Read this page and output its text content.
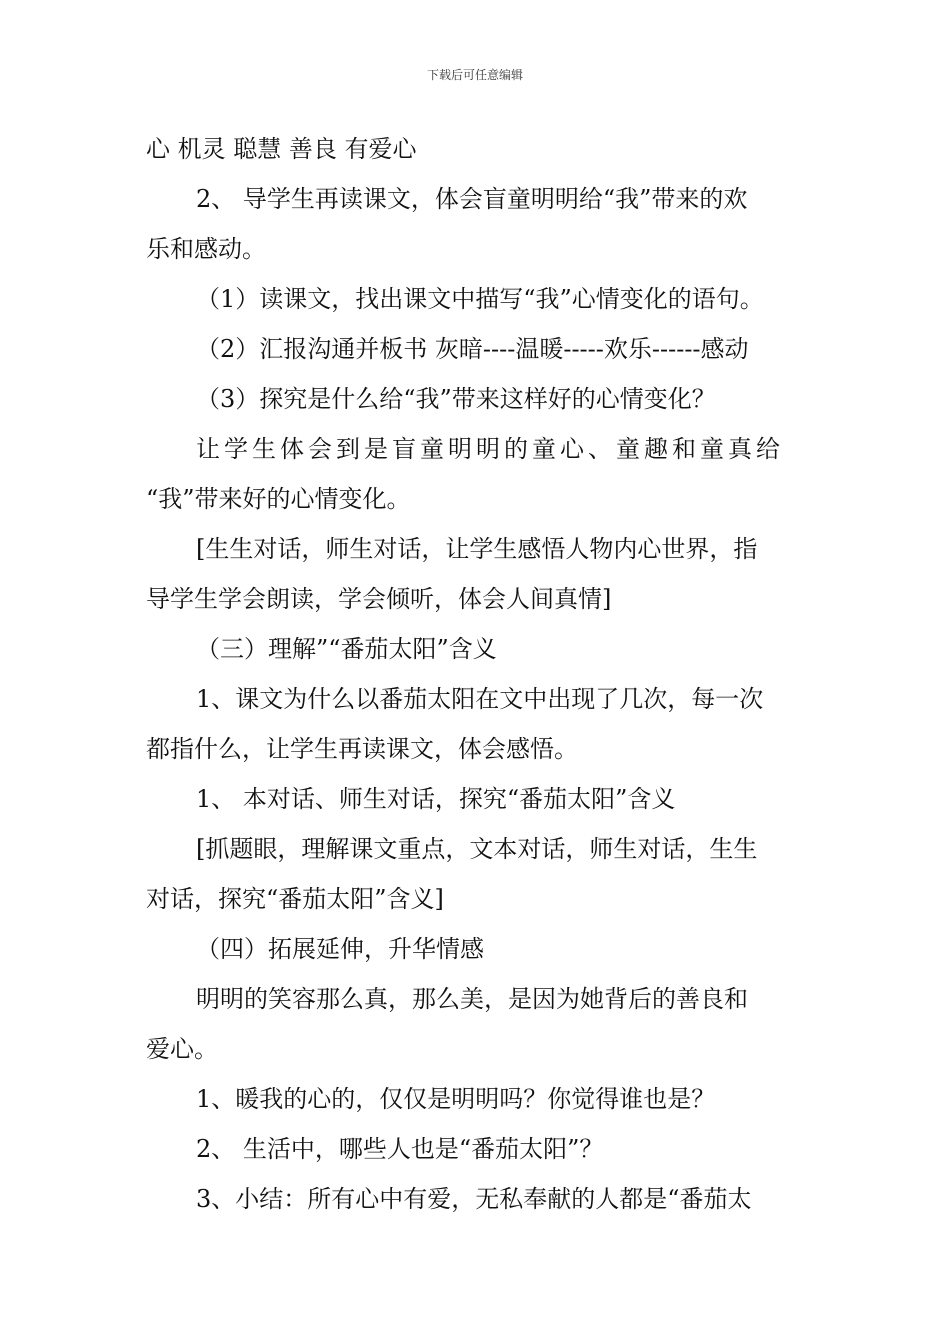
下载后可任意编辑
心 机灵 聪慧 善良 有爱心
2、 导学生再读课文，体会盲童明明给“我”带来的欢
乐和感动。
（1）读课文，找出课文中描写“我”心情变化的语句。
（2）汇报沟通并板书 灰暗----温暖-----欢乐------感动
（3）探究是什么给“我”带来这样好的心情变化？
让学生体会到是盲童明明的童心、童趣和童真给
“我”带来好的心情变化。
[生生对话，师生对话，让学生感悟人物内心世界，指
导学生学会朗读，学会倾听，体会人间真情]
（三）理解”“番茄太阳”含义
1、课文为什么以番茄太阳在文中出现了几次，每一次
都指什么，让学生再读课文，体会感悟。
1、 本对话、师生对话，探究“番茄太阳”含义
[抓题眼，理解课文重点，文本对话，师生对话，生生
对话，探究“番茄太阳”含义]
（四）拓展延伸，升华情感
明明的笑容那么真，那么美，是因为她背后的善良和
爱心。
1、暖我的心的，仅仅是明明吗？你觉得谁也是？
2、 生活中，哪些人也是“番茄太阳”？
3、小结：所有心中有爱，无私奉献的人都是“番茄太
